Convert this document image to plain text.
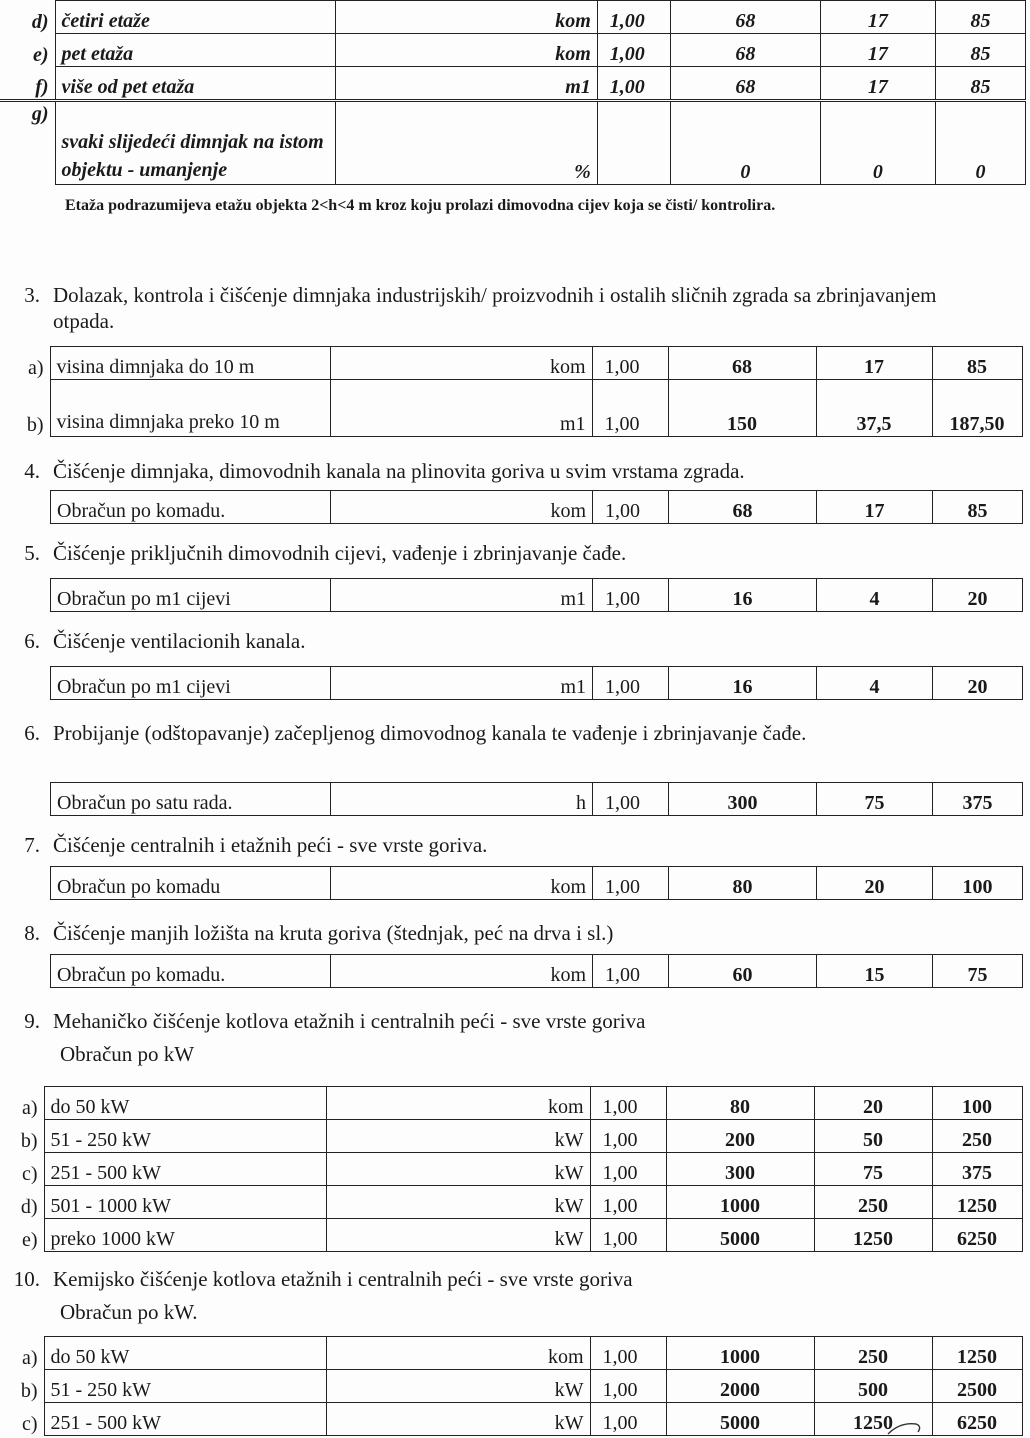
d)	četiri etaže	kom	1,00	68	17	85
e)	pet etaža	kom	1,00	68	17	85
f)	više od pet etaža	m1	1,00	68	17	85
g)	svaki slijedeći dimnjak na istom objektu - umanjenje	%		0	0	0
Etaža podrazumijeva etažu objekta 2<h<4 m kroz koju prolazi dimovodna cijev koja se čisti/ kontrolira.
3. Dolazak, kontrola i čišćenje dimnjaka industrijskih/ proizvodnih i ostalih sličnih zgrada sa zbrinjavanjem otpada.
a)	visina dimnjaka do 10 m	kom	1,00	68	17	85
b)	visina dimnjaka preko 10 m	m1	1,00	150	37,5	187,50
4. Čišćenje dimnjaka, dimovodnih kanala na plinovita goriva u svim vrstama zgrada.
Obračun po komadu.	kom	1,00	68	17	85
5. Čišćenje priključnih dimovodnih cijevi, vađenje i zbrinjavanje čađe.
Obračun po m1 cijevi	m1	1,00	16	4	20
6. Čišćenje ventilacionih kanala.
Obračun po m1 cijevi	m1	1,00	16	4	20
6. Probijanje (odštopavanje) začepljenog dimovodnog kanala te vađenje i zbrinjavanje čađe.
Obračun po satu rada.	h	1,00	300	75	375
7. Čišćenje centralnih i etažnih peći - sve vrste goriva.
Obračun po komadu	kom	1,00	80	20	100
8. Čišćenje manjih ložišta na kruta goriva (štednjak, peć na drva i sl.)
Obračun po komadu.	kom	1,00	60	15	75
9. Mehaničko čišćenje kotlova etažnih i centralnih peći - sve vrste goriva
Obračun po kW
a)	do 50 kW	kom	1,00	80	20	100
b)	51 - 250 kW	kW	1,00	200	50	250
c)	251 - 500 kW	kW	1,00	300	75	375
d)	501 - 1000 kW	kW	1,00	1000	250	1250
e)	preko 1000 kW	kW	1,00	5000	1250	6250
10. Kemijsko čišćenje kotlova etažnih i centralnih peći - sve vrste goriva
Obračun po kW.
a)	do 50 kW	kom	1,00	1000	250	1250
b)	51 - 250 kW	kW	1,00	2000	500	2500
c)	251 - 500 kW	kW	1,00	5000	1250	6250
